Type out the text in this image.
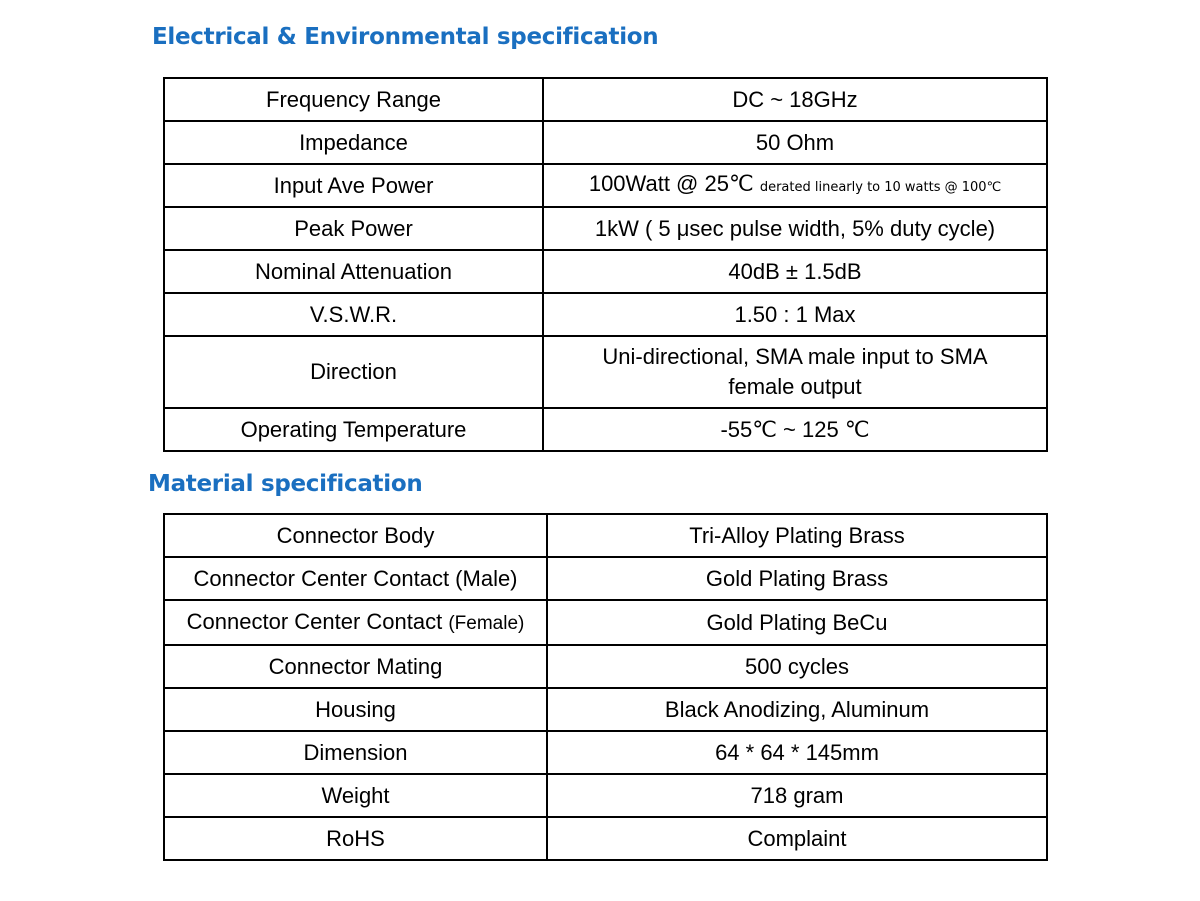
Electrical & Environmental specification
Frequency Range	DC ~ 18GHz
Impedance	50 Ohm
Input Ave Power	100Watt @ 25℃ derated linearly to 10 watts @ 100℃
Peak Power	1kW ( 5 μsec pulse width, 5% duty cycle)
Nominal Attenuation	40dB ± 1.5dB
V.S.W.R.	1.50 : 1 Max
Direction	Uni-directional, SMA male input to SMA
female output
Operating Temperature	-55℃ ~ 125 ℃
Material specification
Connector Body	Tri-Alloy Plating Brass
Connector Center Contact (Male)	Gold Plating Brass
Connector Center Contact (Female)	Gold Plating BeCu
Connector Mating	500 cycles
Housing	Black Anodizing, Aluminum
Dimension	64 * 64 * 145mm
Weight	718 gram
RoHS	Complaint
